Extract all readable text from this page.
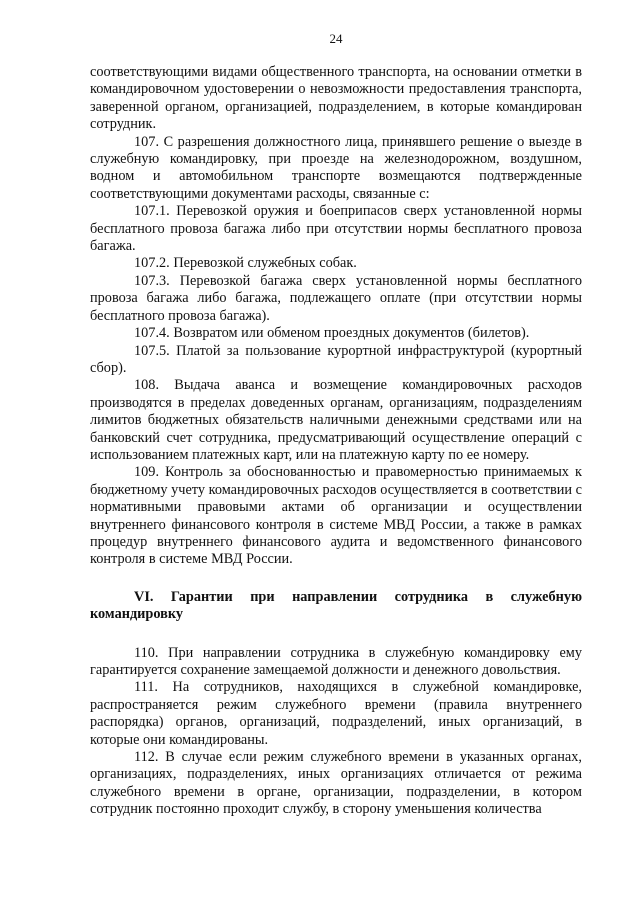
24

соответствующими видами общественного транспорта, на основании отметки в командировочном удостоверении о невозможности предоставления транспорта, заверенной органом, организацией, подразделением, в которые командирован сотрудник.

107. С разрешения должностного лица, принявшего решение о выезде в служебную командировку, при проезде на железнодорожном, воздушном, водном и автомобильном транспорте возмещаются подтвержденные соответствующими документами расходы, связанные с:

107.1. Перевозкой оружия и боеприпасов сверх установленной нормы бесплатного провоза багажа либо при отсутствии нормы бесплатного провоза багажа.

107.2. Перевозкой служебных собак.

107.3. Перевозкой багажа сверх установленной нормы бесплатного провоза багажа либо багажа, подлежащего оплате (при отсутствии нормы бесплатного провоза багажа).

107.4. Возвратом или обменом проездных документов (билетов).

107.5. Платой за пользование курортной инфраструктурой (курортный сбор).

108. Выдача аванса и возмещение командировочных расходов производятся в пределах доведенных органам, организациям, подразделениям лимитов бюджетных обязательств наличными денежными средствами или на банковский счет сотрудника, предусматривающий осуществление операций с использованием платежных карт, или на платежную карту по ее номеру.

109. Контроль за обоснованностью и правомерностью принимаемых к бюджетному учету командировочных расходов осуществляется в соответствии с нормативными правовыми актами об организации и осуществлении внутреннего финансового контроля в системе МВД России, а также в рамках процедур внутреннего финансового аудита и ведомственного финансового контроля в системе МВД России.

VI. Гарантии при направлении сотрудника в служебную командировку

110. При направлении сотрудника в служебную командировку ему гарантируется сохранение замещаемой должности и денежного довольствия.

111. На сотрудников, находящихся в служебной командировке, распространяется режим служебного времени (правила внутреннего распорядка) органов, организаций, подразделений, иных организаций, в которые они командированы.

112. В случае если режим служебного времени в указанных органах, организациях, подразделениях, иных организациях отличается от режима служебного времени в органе, организации, подразделении, в котором сотрудник постоянно проходит службу, в сторону уменьшения количества
